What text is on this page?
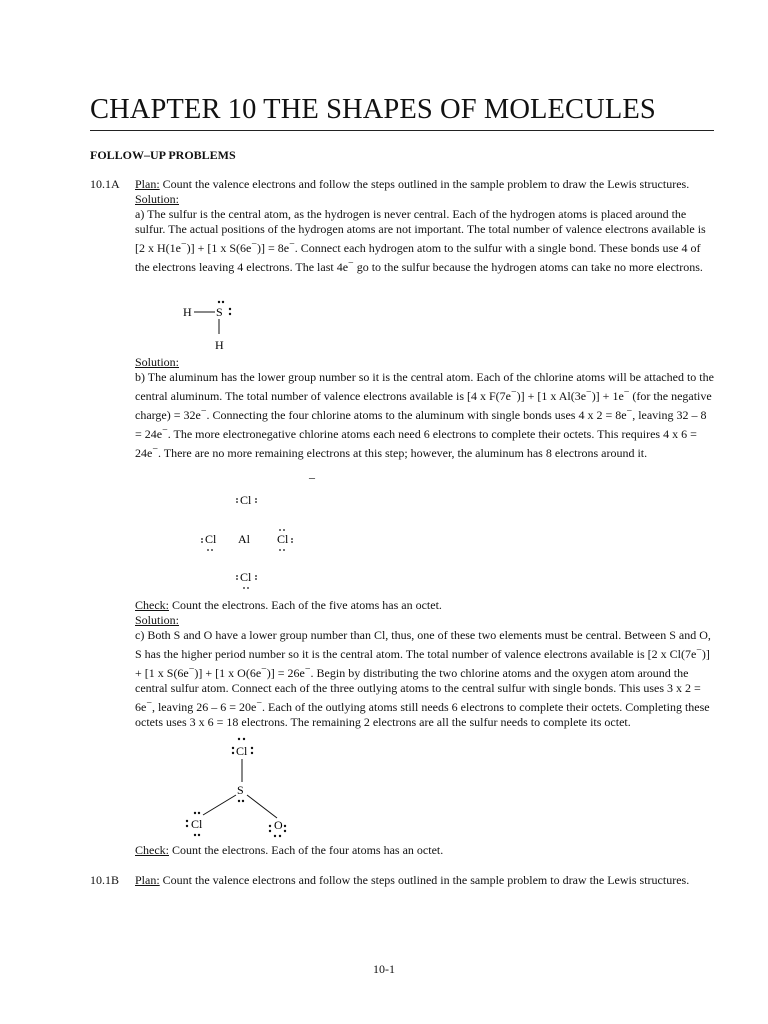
CHAPTER 10 THE SHAPES OF MOLECULES
FOLLOW–UP PROBLEMS
10.1A Plan: Count the valence electrons and follow the steps outlined in the sample problem to draw the Lewis structures.

Solution:

a) The sulfur is the central atom, as the hydrogen is never central. Each of the hydrogen atoms is placed around the sulfur. The actual positions of the hydrogen atoms are not important. The total number of valence electrons available is [2 x H(1e−)] + [1 x S(6e−)] = 8e−. Connect each hydrogen atom to the sulfur with a single bond. These bonds use 4 of the electrons leaving 4 electrons. The last 4e− go to the sulfur because the hydrogen atoms can take no more electrons.

H S
H

Solution:

b) The aluminum has the lower group number so it is the central atom. Each of the chlorine atoms will be attached to the central aluminum. The total number of valence electrons available is [4 x F(7e−)] + [1 x Al(3e−)] + 1e− (for the negative charge) = 32e−. Connecting the four chlorine atoms to the aluminum with single bonds uses 4 x 2 = 8e−, leaving 32 – 8 = 24e−. The more electronegative chlorine atoms each need 6 electrons to complete their octets. This requires 4 x 6 = 24e−. There are no more remaining electrons at this step; however, the aluminum has 8 electrons around it.

–
Cl
Cl Al Cl
Cl

Check: Count the electrons. Each of the five atoms has an octet.

Solution:

c) Both S and O have a lower group number than Cl, thus, one of these two elements must be central. Between S and O, S has the higher period number so it is the central atom. The total number of valence electrons available is [2 x Cl(7e−)] + [1 x S(6e−)] + [1 x O(6e−)] = 26e−. Begin by distributing the two chlorine atoms and the oxygen atom around the central sulfur atom. Connect each of the three outlying atoms to the central sulfur with single bonds. This uses 3 x 2 = 6e−, leaving 26 – 6 = 20e−. Each of the outlying atoms still needs 6 electrons to complete their octets. Completing these octets uses 3 x 6 = 18 electrons. The remaining 2 electrons are all the sulfur needs to complete its octet.

Cl
S
Cl	O

Check: Count the electrons. Each of the four atoms has an octet.

10.1B Plan: Count the valence electrons and follow the steps outlined in the sample problem to draw the Lewis structures.

10-1
